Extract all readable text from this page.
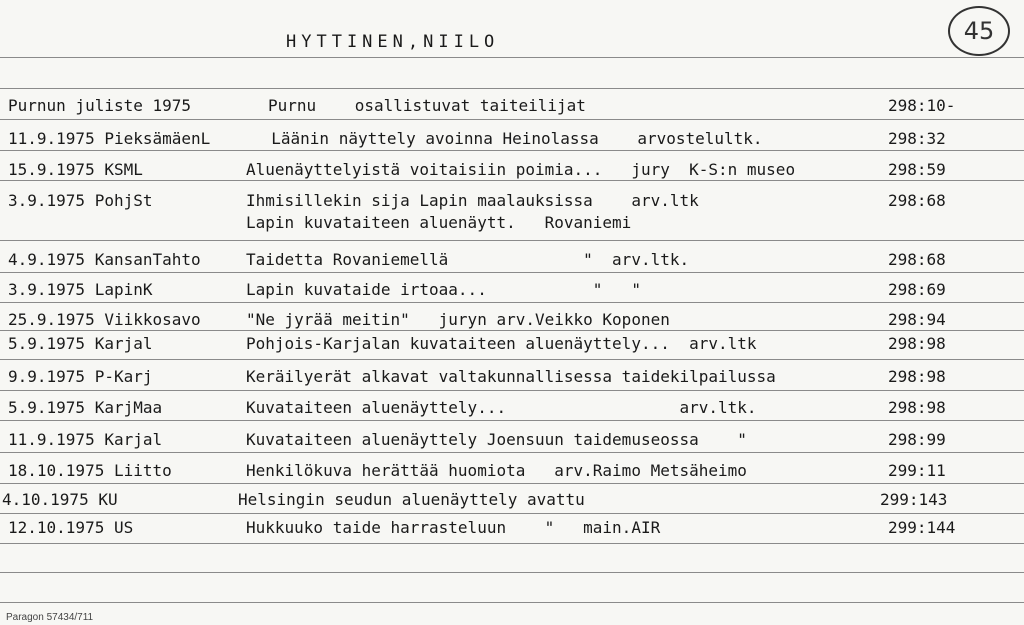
HYTTINEN,NIILO	45
Purnun juliste 1975	Purnu    osallistuvat taiteilijat	298:10-
11.9.1975 PieksämäenL	Läänin näyttely avoinna Heinolassa    arvostelultk.	298:32
15.9.1975 KSML	Aluenäyttelyistä voitaisiin poimia...   jury  K-S:n museo	298:59
3.9.1975 PohjSt	Ihmisillekin sija Lapin maalauksissa    arv.ltk	298:68
Lapin kuvataiteen aluenäytt.   Rovaniemi
4.9.1975 KansanTahto	Taidetta Rovaniemellä              "  arv.ltk.	298:68
3.9.1975 LapinK	Lapin kuvataide irtoaa...           "   "	298:69
25.9.1975 Viikkosavo	"Ne jyrää meitin"   juryn arv.Veikko Koponen	298:94
5.9.1975 Karjal	Pohjois-Karjalan kuvataiteen aluenäyttely...  arv.ltk	298:98
9.9.1975 P-Karj	Keräilyerät alkavat valtakunnallisessa taidekilpailussa	298:98
5.9.1975 KarjMaa	Kuvataiteen aluenäyttely...                  arv.ltk.	298:98
11.9.1975 Karjal	Kuvataiteen aluenäyttely Joensuun taidemuseossa    "	298:99
18.10.1975 Liitto	Henkilökuva herättää huomiota   arv.Raimo Metsäheimo	299:11
4.10.1975 KU	Helsingin seudun aluenäyttely avattu	299:143
12.10.1975 US	Hukkuuko taide harrasteluun    "   main.AIR	299:144
Paragon 57434/711
